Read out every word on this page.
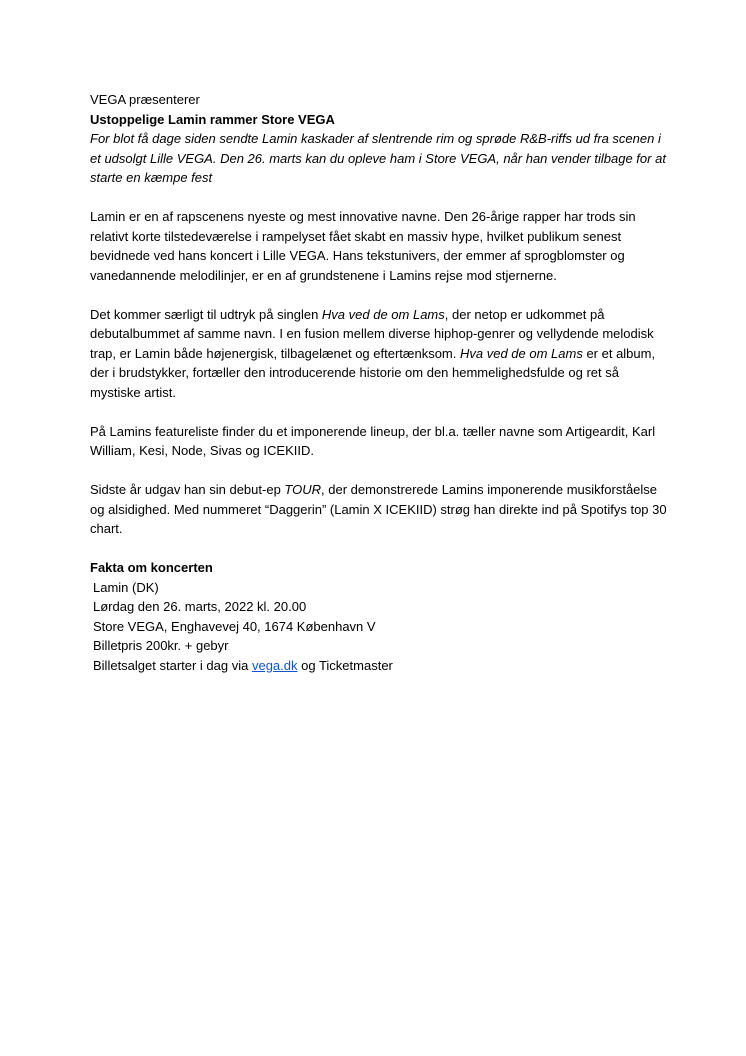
VEGA præsenterer

Ustoppelige Lamin rammer Store VEGA

For blot få dage siden sendte Lamin kaskader af slentrende rim og sprøde R&B-riffs ud fra scenen i et udsolgt Lille VEGA. Den 26. marts kan du opleve ham i Store VEGA, når han vender tilbage for at starte en kæmpe fest

Lamin er en af rapscenens nyeste og mest innovative navne. Den 26-årige rapper har trods sin relativt korte tilstedeværelse i rampelyset fået skabt en massiv hype, hvilket publikum senest bevidnede ved hans koncert i Lille VEGA. Hans tekstunivers, der emmer af sprogblomster og vanedannende melodilinjer, er en af grundstenene i Lamins rejse mod stjernerne.

Det kommer særligt til udtryk på singlen Hva ved de om Lams, der netop er udkommet på debutalbummet af samme navn. I en fusion mellem diverse hiphop-genrer og vellydende melodisk trap, er Lamin både højenergisk, tilbagelænet og eftertænksom. Hva ved de om Lams er et album, der i brudstykker, fortæller den introducerende historie om den hemmelighedsfulde og ret så mystiske artist.

På Lamins featureliste finder du et imponerende lineup, der bl.a. tæller navne som Artigeardit, Karl William, Kesi, Node, Sivas og ICEKIID.

Sidste år udgav han sin debut-ep TOUR, der demonstrerede Lamins imponerende musikforståelse og alsidighed. Med nummeret “Daggerin” (Lamin X ICEKIID) strøg han direkte ind på Spotifys top 30 chart.

Fakta om koncerten

Lamin (DK)

Lørdag den 26. marts, 2022 kl. 20.00

Store VEGA, Enghavevej 40, 1674 København V

Billetpris 200kr. + gebyr

Billetsalget starter i dag via vega.dk og Ticketmaster
